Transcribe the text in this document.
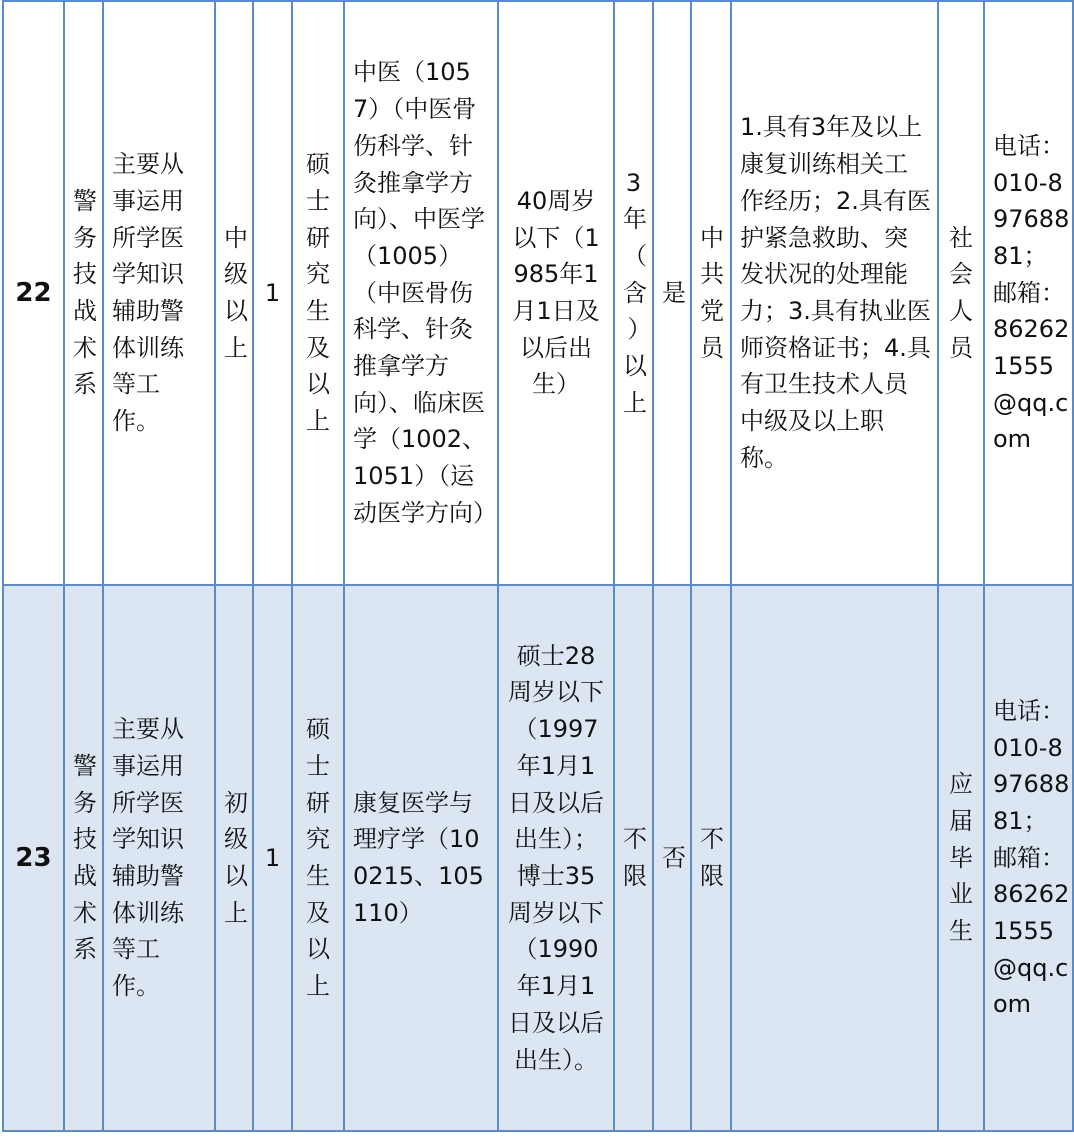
22	警务技战术系	主要从事运用所学医学知识辅助警体训练等工作。	中级以上	1	硕士研究生及以上	中医（1057）（中医骨伤科学、针灸推拿学方向）、中医学（1005）（中医骨伤科学、针灸推拿学方向）、临床医学（1002、1051）（运动医学方向）	40周岁以下（1985年1月1日及以后出生）	3年（含）以上	是	中共党员	1.具有3年及以上康复训练相关工作经历；2.具有医护紧急救助、突发状况的处理能力；3.具有执业医师资格证书；4.具有卫生技术人员中级及以上职称。	社会人员	电话：010-89768881；邮箱：862621555@qq.com
23	警务技战术系	主要从事运用所学医学知识辅助警体训练等工作。	初级以上	1	硕士研究生及以上	康复医学与理疗学（100215、105110）	硕士28周岁以下（1997年1月1日及以后出生）；博士35周岁以下（1990年1月1日及以后出生）。	不限	否	不限		应届毕业生	电话：010-89768881；邮箱：862621555@qq.com
